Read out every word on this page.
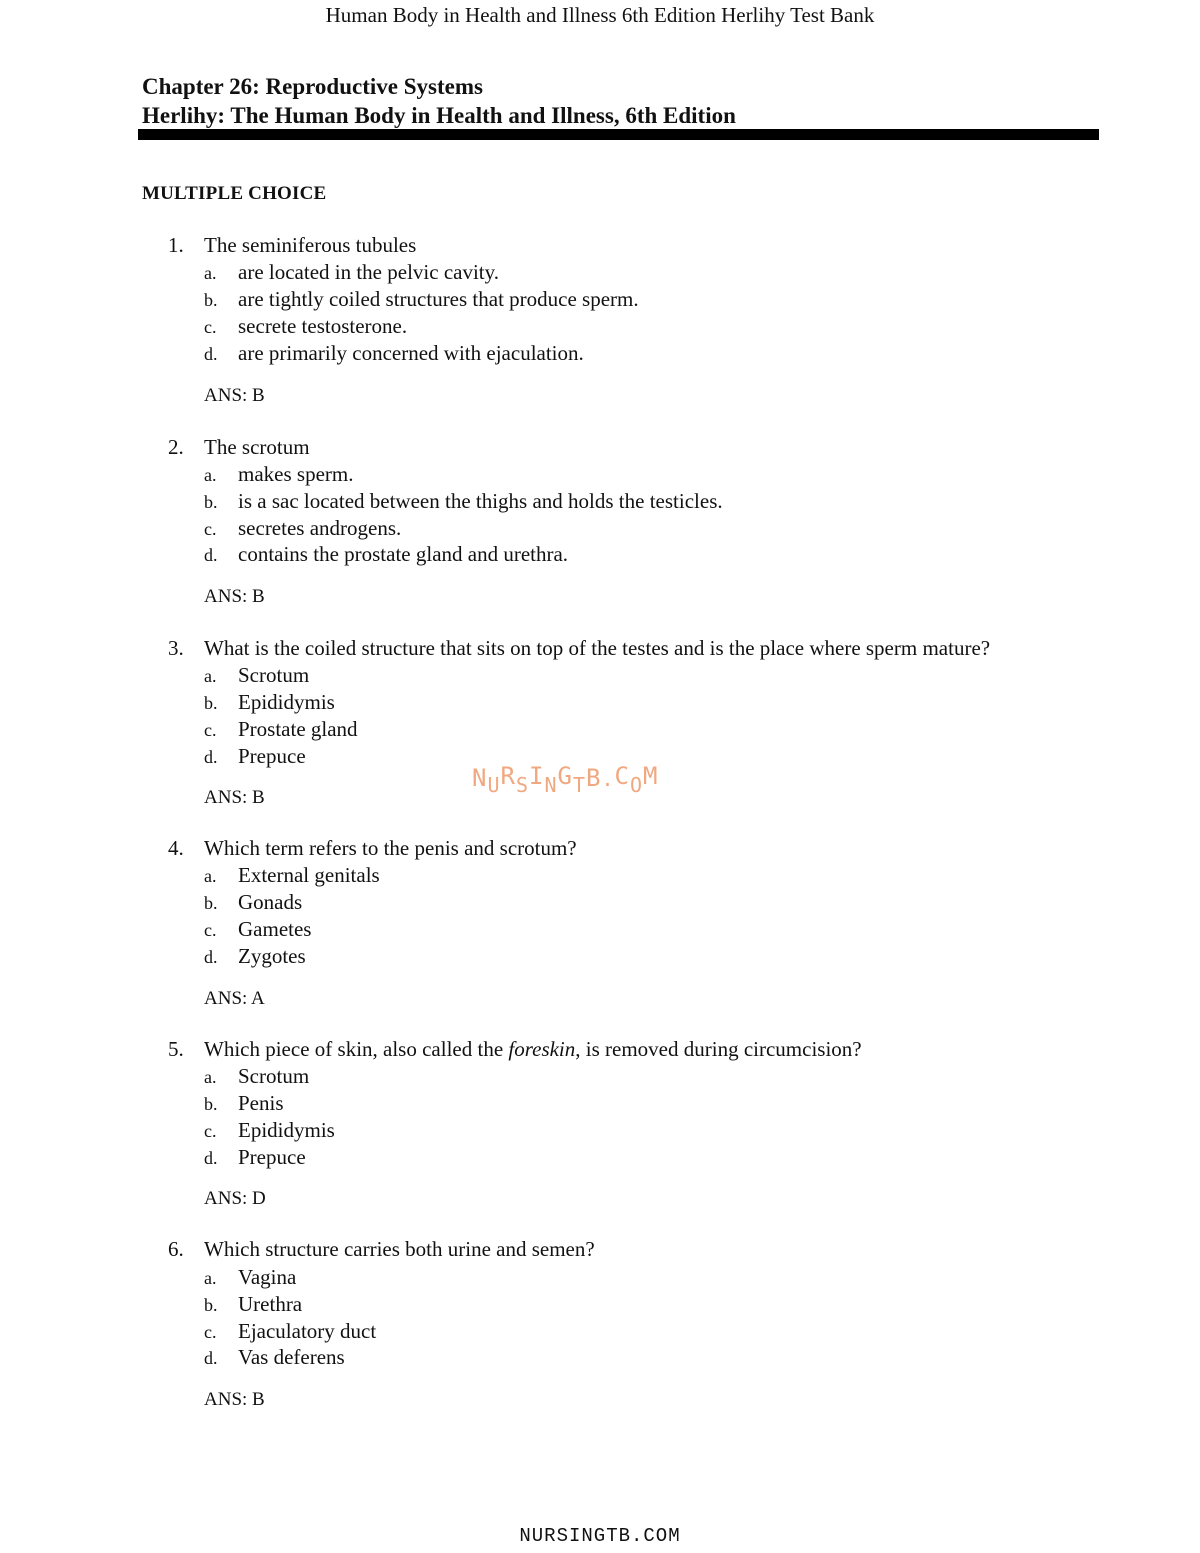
Human Body in Health and Illness 6th Edition Herlihy Test Bank
Chapter 26: Reproductive Systems
Herlihy: The Human Body in Health and Illness, 6th Edition
MULTIPLE CHOICE
1. The seminiferous tubules
a. are located in the pelvic cavity.
b. are tightly coiled structures that produce sperm.
c. secrete testosterone.
d. are primarily concerned with ejaculation.
ANS: B
2. The scrotum
a. makes sperm.
b. is a sac located between the thighs and holds the testicles.
c. secretes androgens.
d. contains the prostate gland and urethra.
ANS: B
3. What is the coiled structure that sits on top of the testes and is the place where sperm mature?
a. Scrotum
b. Epididymis
c. Prostate gland
d. Prepuce
ANS: B
4. Which term refers to the penis and scrotum?
a. External genitals
b. Gonads
c. Gametes
d. Zygotes
ANS: A
5. Which piece of skin, also called the foreskin, is removed during circumcision?
a. Scrotum
b. Penis
c. Epididymis
d. Prepuce
ANS: D
6. Which structure carries both urine and semen?
a. Vagina
b. Urethra
c. Ejaculatory duct
d. Vas deferens
ANS: B
NURSINGTB.COM
NURSINGTB.COM
